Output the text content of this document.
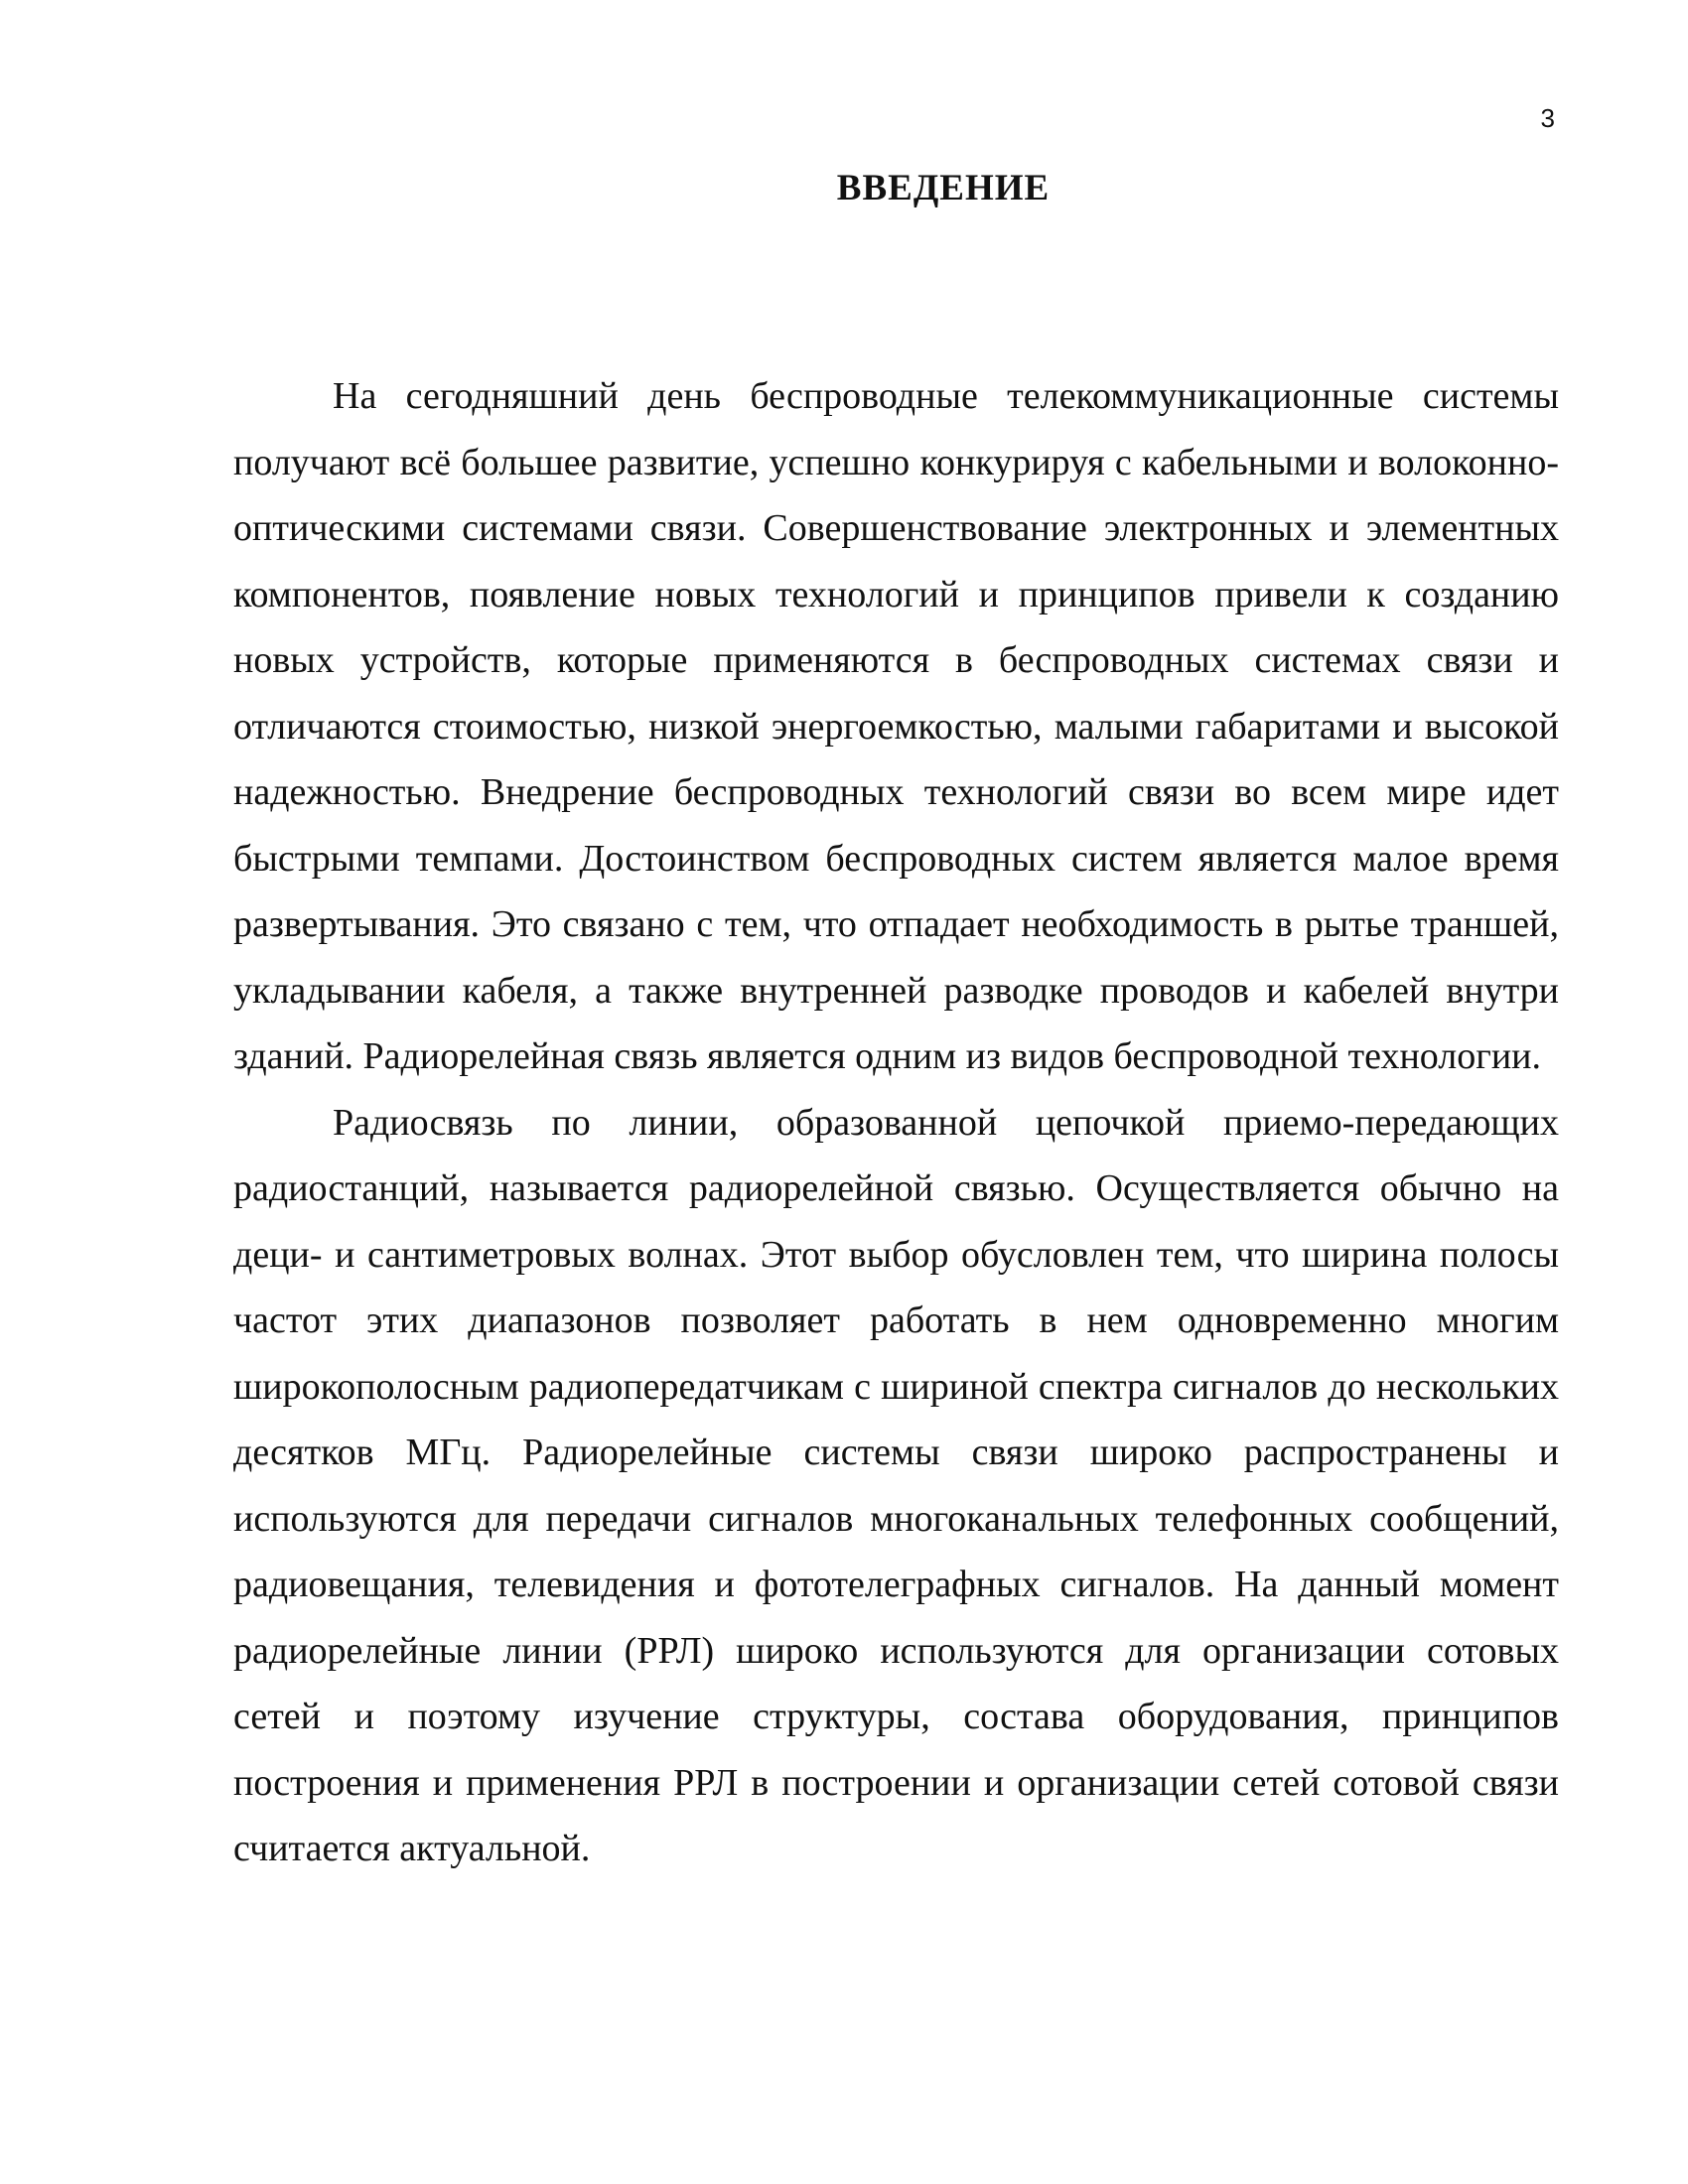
3
ВВЕДЕНИЕ

На сегодняшний день беспроводные телекоммуникационные системы получают всё большее развитие, успешно конкурируя с кабельными и волоконно-оптическими системами связи. Совершенствование электронных и элементных компонентов, появление новых технологий и принципов привели к созданию новых устройств, которые применяются в беспроводных системах связи и отличаются стоимостью, низкой энергоемкостью, малыми габаритами и высокой надежностью. Внедрение беспроводных технологий связи во всем мире идет быстрыми темпами. Достоинством беспроводных систем является малое время развертывания. Это связано с тем, что отпадает необходимость в рытье траншей, укладывании кабеля, а также внутренней разводке проводов и кабелей внутри зданий. Радиорелейная связь является одним из видов беспроводной технологии.

Радиосвязь по линии, образованной цепочкой приемо-передающих радиостанций, называется радиорелейной связью. Осуществляется обычно на деци- и сантиметровых волнах. Этот выбор обусловлен тем, что ширина полосы частот этих диапазонов позволяет работать в нем одновременно многим широкополосным радиопередатчикам с шириной спектра сигналов до нескольких десятков МГц. Радиорелейные системы связи широко распространены и используются для передачи сигналов многоканальных телефонных сообщений, радиовещания, телевидения и фототелеграфных сигналов. На данный момент радиорелейные линии (РРЛ) широко используются для организации сотовых сетей и поэтому изучение структуры, состава оборудования, принципов построения и применения РРЛ в построении и организации сетей сотовой связи считается актуальной.
